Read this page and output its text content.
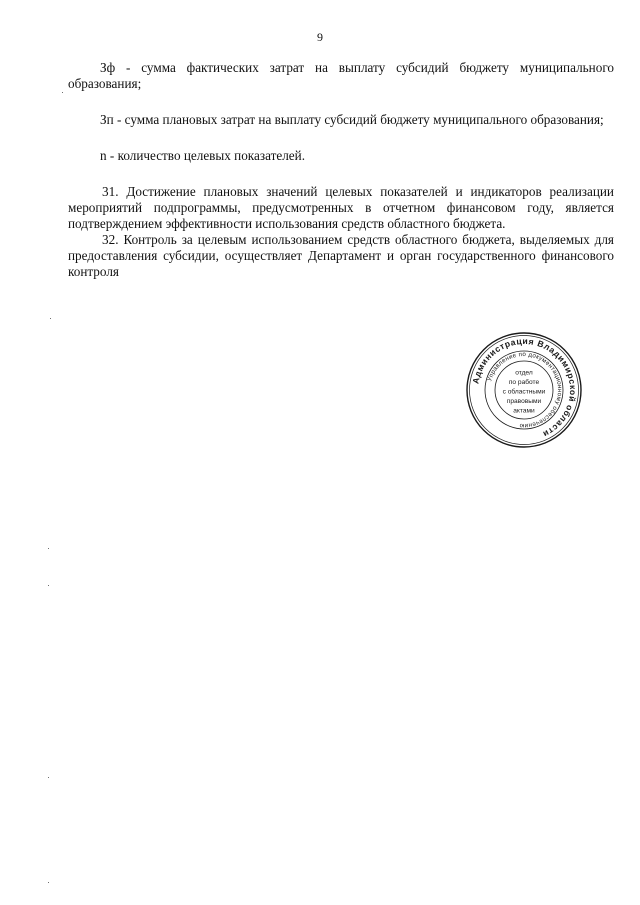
9

Зф - сумма фактических затрат на выплату субсидий бюджету муниципального образования;

Зп - сумма плановых затрат на выплату субсидий бюджету муниципального образования;

n - количество целевых показателей.

31. Достижение плановых значений целевых показателей и индикаторов реализации мероприятий подпрограммы, предусмотренных в отчетном финансовом году, является подтверждением эффективности использования средств областного бюджета.

32. Контроль за целевым использованием средств областного бюджета, выделяемых для предоставления субсидии, осуществляет Департамент и орган государственного финансового контроля

Администрация Владимирской области
Управление по документационному обеспечению
отдел
по работе
с областными
правовыми
актами
